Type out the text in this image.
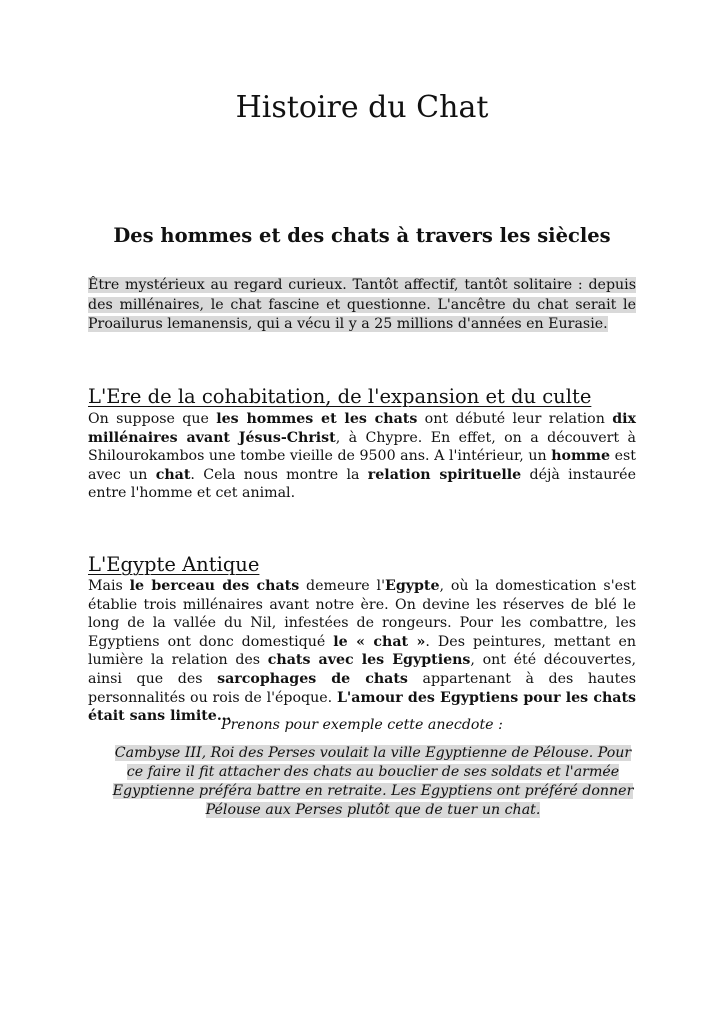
Histoire du Chat
Des hommes et des chats à travers les siècles

Être mystérieux au regard curieux. Tantôt affectif, tantôt solitaire : depuis des millénaires, le chat fascine et questionne. L'ancêtre du chat serait le Proailurus lemanensis, qui a vécu il y a 25 millions d'années en Eurasie.

L'Ere de la cohabitation, de l'expansion et du culte

On suppose que les hommes et les chats ont débuté leur relation dix millénaires avant Jésus-Christ, à Chypre. En effet, on a découvert à Shilourokambos une tombe vieille de 9500 ans. A l'intérieur, un homme est avec un chat. Cela nous montre la relation spirituelle déjà instaurée entre l'homme et cet animal.

L'Egypte Antique

Mais le berceau des chats demeure l'Egypte, où la domestication s'est établie trois millénaires avant notre ère. On devine les réserves de blé le long de la vallée du Nil, infestées de rongeurs. Pour les combattre, les Egyptiens ont donc domestiqué le « chat ». Des peintures, mettant en lumière la relation des chats avec les Egyptiens, ont été découvertes, ainsi que des sarcophages de chats appartenant à des hautes personnalités ou rois de l'époque. L'amour des Egyptiens pour les chats était sans limite…

Prenons pour exemple cette anecdote :

Cambyse III, Roi des Perses voulait la ville Egyptienne de Pélouse. Pour ce faire il fit attacher des chats au bouclier de ses soldats et l'armée Egyptienne préféra battre en retraite. Les Egyptiens ont préféré donner Pélouse aux Perses plutôt que de tuer un chat.
